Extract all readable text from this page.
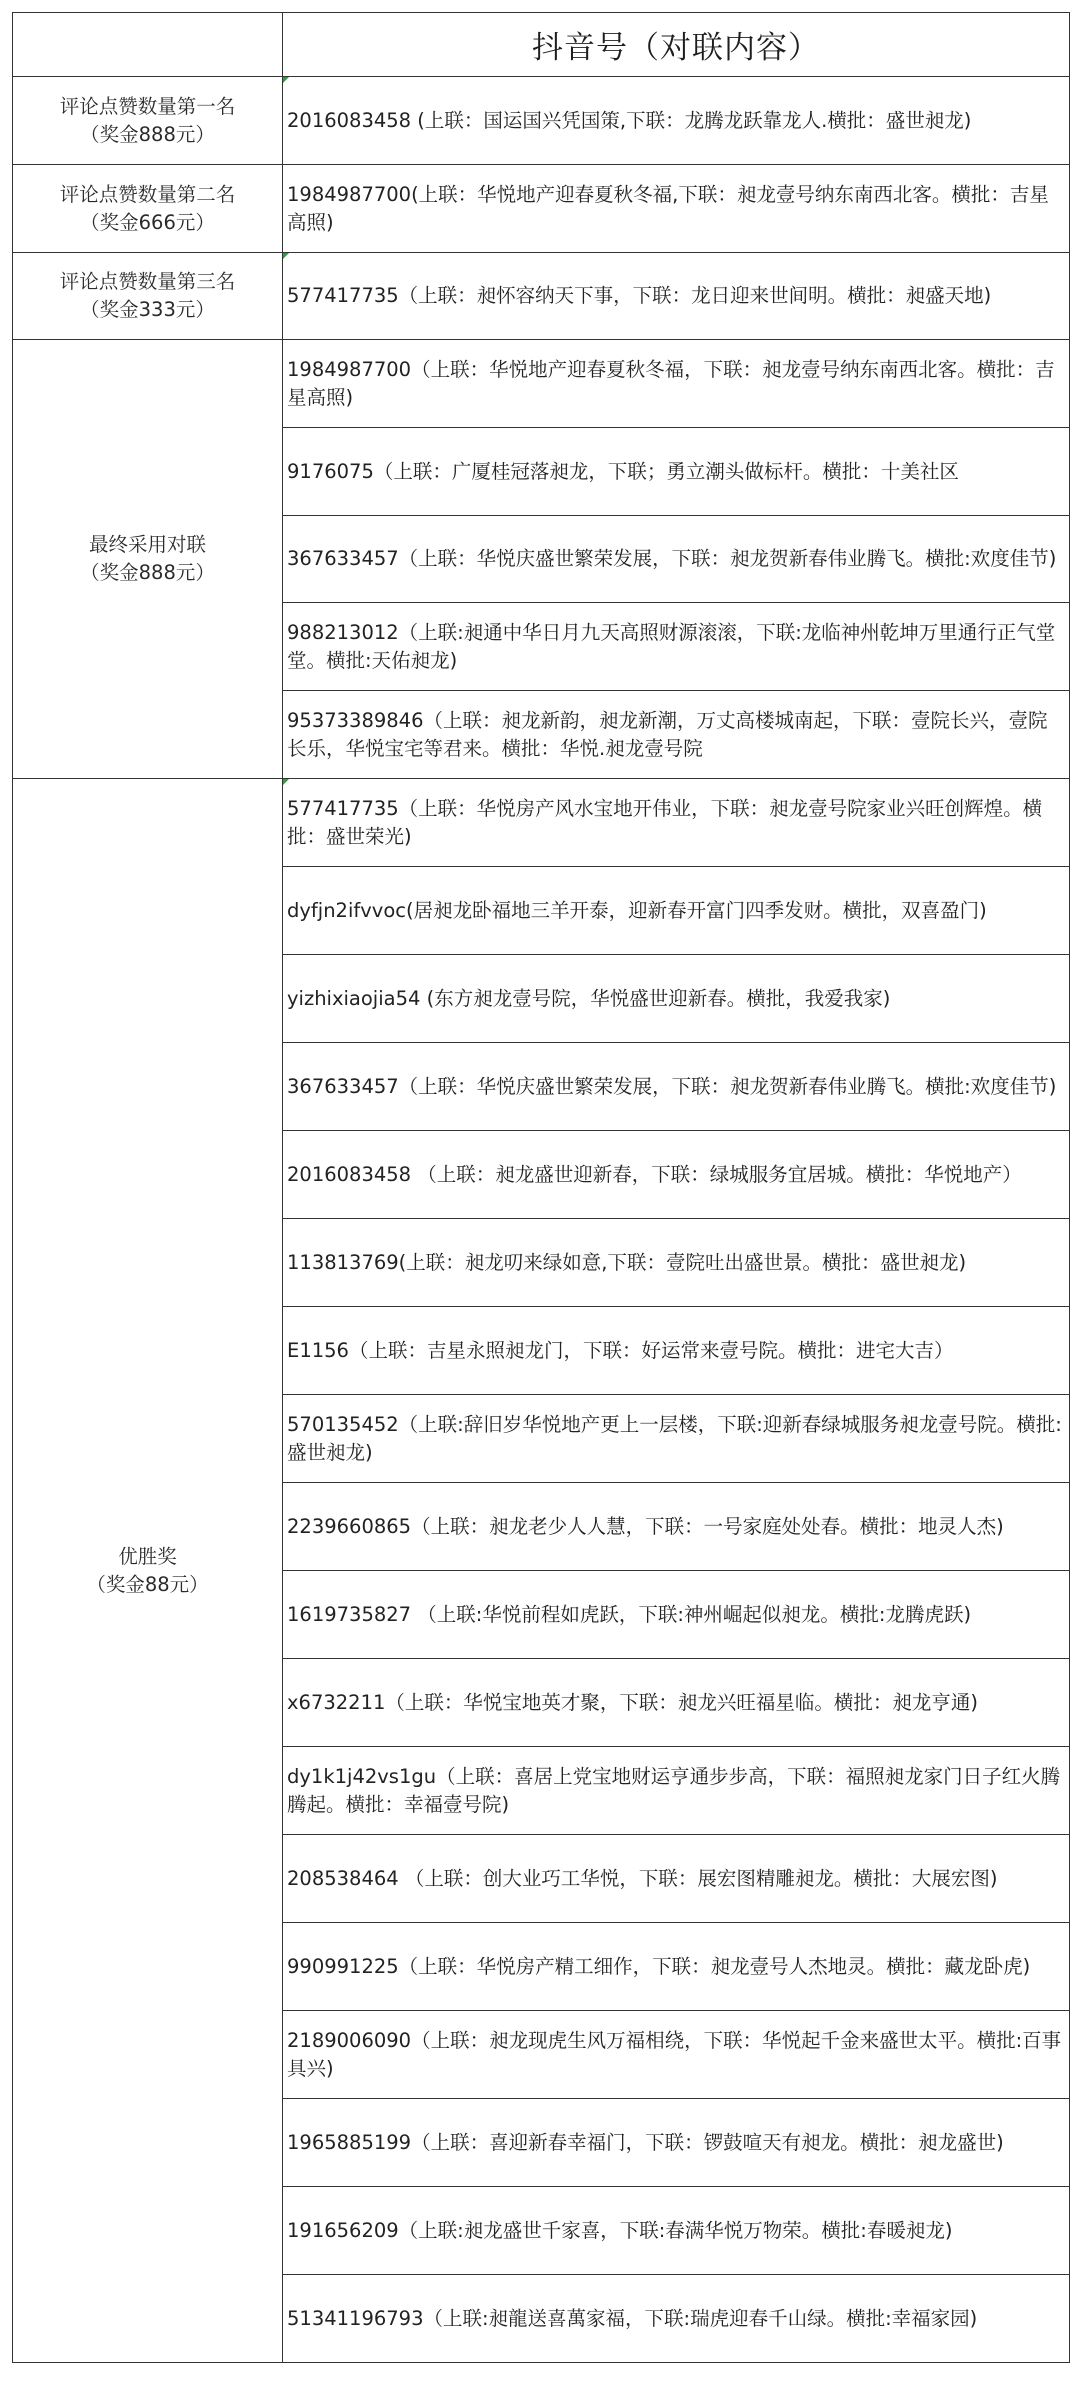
	抖音号（对联内容）

评论点赞数量第一名
（奖金888元）	2016083458 (上联：国运国兴凭国策,下联：龙腾龙跃靠龙人.横批：盛世昶龙)

评论点赞数量第二名
（奖金666元）	1984987700(上联：华悦地产迎春夏秋冬福,下联：昶龙壹号纳东南西北客。横批：吉星高照)

评论点赞数量第三名
（奖金333元）	577417735（上联：昶怀容纳天下事，下联：龙日迎来世间明。横批：昶盛天地)

最终采用对联
（奖金888元）	1984987700（上联：华悦地产迎春夏秋冬福，下联：昶龙壹号纳东南西北客。横批：吉星高照)

	9176075（上联：广厦桂冠落昶龙，下联；勇立潮头做标杆。横批：十美社区

	367633457（上联：华悦庆盛世繁荣发展，下联：昶龙贺新春伟业腾飞。横批:欢度佳节)

	988213012（上联:昶通中华日月九天高照财源滚滚，下联:龙临神州乾坤万里通行正气堂堂。横批:天佑昶龙)

	95373389846（上联：昶龙新韵，昶龙新潮，万丈高楼城南起，下联：壹院长兴，壹院长乐，华悦宝宅等君来。横批：华悦.昶龙壹号院

优胜奖
（奖金88元）	577417735（上联：华悦房产风水宝地开伟业，下联：昶龙壹号院家业兴旺创辉煌。横批：盛世荣光)

	dyfjn2ifvvoc(居昶龙卧福地三羊开泰，迎新春开富门四季发财。横批，双喜盈门)

	yizhixiaojia54 (东方昶龙壹号院，华悦盛世迎新春。横批，我爱我家)

	367633457（上联：华悦庆盛世繁荣发展，下联：昶龙贺新春伟业腾飞。横批:欢度佳节)

	2016083458 （上联：昶龙盛世迎新春，下联：绿城服务宜居城。横批：华悦地产）

	113813769(上联：昶龙叨来绿如意,下联：壹院吐出盛世景。横批：盛世昶龙)

	E1156（上联：吉星永照昶龙门，下联：好运常来壹号院。横批：进宅大吉）

	570135452（上联:辞旧岁华悦地产更上一层楼，下联:迎新春绿城服务昶龙壹号院。横批:盛世昶龙)

	2239660865（上联：昶龙老少人人慧，下联：一号家庭处处春。横批：地灵人杰)

	1619735827 （上联:华悦前程如虎跃，下联:神州崛起似昶龙。横批:龙腾虎跃)

	x6732211（上联：华悦宝地英才聚，下联：昶龙兴旺福星临。横批：昶龙亨通)

	dy1k1j42vs1gu（上联：喜居上党宝地财运亨通步步高，下联：福照昶龙家门日子红火腾腾起。横批：幸福壹号院)

	208538464 （上联：创大业巧工华悦，下联：展宏图精雕昶龙。横批：大展宏图)

	990991225（上联：华悦房产精工细作，下联：昶龙壹号人杰地灵。横批：藏龙卧虎)

	2189006090（上联：昶龙现虎生风万福相绕，下联：华悦起千金来盛世太平。横批:百事具兴)

	1965885199（上联：喜迎新春幸福门，下联：锣鼓喧天有昶龙。横批：昶龙盛世)

	191656209（上联:昶龙盛世千家喜，下联:春满华悦万物荣。横批:春暖昶龙)

	51341196793（上联:昶龍送喜萬家福，下联:瑞虎迎春千山绿。横批:幸福家园)
